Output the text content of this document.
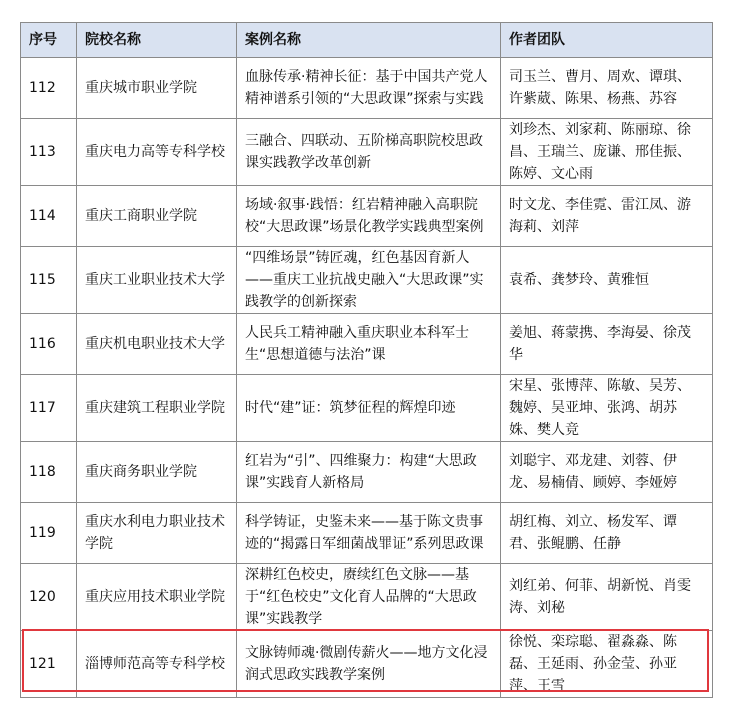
序号	院校名称	案例名称	作者团队
112	重庆城市职业学院	血脉传承·精神长征：基于中国共产党人精神谱系引领的“大思政课”探索与实践	司玉兰、曹月、周欢、谭琪、许紫葳、陈果、杨燕、苏容
113	重庆电力高等专科学校	三融合、四联动、五阶梯高职院校思政课实践教学改革创新	刘珍杰、刘家莉、陈丽琼、徐昌、王瑞兰、庞谦、邢佳振、陈婷、文心雨
114	重庆工商职业学院	场域·叙事·践悟：红岩精神融入高职院校“大思政课”场景化教学实践典型案例	时文龙、李佳霓、雷江凤、游海莉、刘萍
115	重庆工业职业技术大学	“四维场景”铸匠魂，红色基因育新人——重庆工业抗战史融入“大思政课”实践教学的创新探索	袁希、龚梦玲、黄雅恒
116	重庆机电职业技术大学	人民兵工精神融入重庆职业本科军士生“思想道德与法治”课	姜旭、蒋蒙携、李海晏、徐茂华
117	重庆建筑工程职业学院	时代“建”证：筑梦征程的辉煌印迹	宋星、张博萍、陈敏、吴芳、魏婷、吴亚坤、张鸿、胡苏姝、樊人竞
118	重庆商务职业学院	红岩为“引”、四维聚力：构建“大思政课”实践育人新格局	刘聪宇、邓龙建、刘蓉、伊龙、易楠倩、顾婷、李娅婷
119	重庆水利电力职业技术学院	科学铸证，史鉴未来——基于陈文贵事迹的“揭露日军细菌战罪证”系列思政课	胡红梅、刘立、杨发军、谭君、张鲲鹏、任静
120	重庆应用技术职业学院	深耕红色校史，赓续红色文脉——基于“红色校史”文化育人品牌的“大思政课”实践教学	刘红弟、何菲、胡新悦、肖雯涛、刘秘
121	淄博师范高等专科学校	文脉铸师魂·微剧传薪火——地方文化浸润式思政实践教学案例	徐悦、栾琮聪、翟淼淼、陈磊、王延雨、孙金莹、孙亚萍、王雪
